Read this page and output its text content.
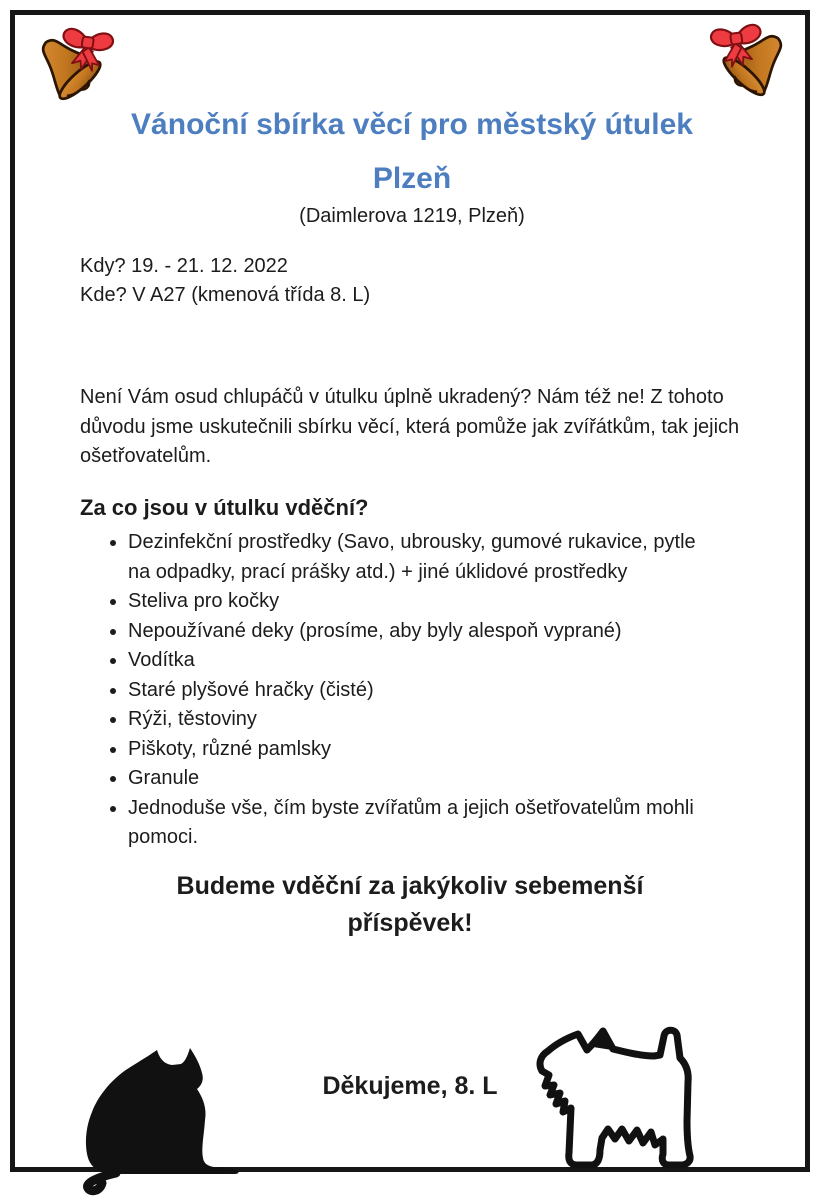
Vánoční sbírka věcí pro městský útulek
Plzeň
(Daimlerova 1219, Plzeň)
Kdy? 19. - 21. 12. 2022
Kde? V A27 (kmenová třída 8. L)

Není Vám osud chlupáčů v útulku úplně ukradený? Nám též ne! Z tohoto důvodu jsme uskutečnili sbírku věcí, která pomůže jak zvířátkům, tak jejich ošetřovatelům.

Za co jsou v útulku vděční?
• Dezinfekční prostředky (Savo, ubrousky, gumové rukavice, pytle na odpadky, prací prášky atd.) + jiné úklidové prostředky
• Steliva pro kočky
• Nepoužívané deky (prosíme, aby byly alespoň vyprané)
• Vodítka
• Staré plyšové hračky (čisté)
• Rýži, těstoviny
• Piškoty, různé pamlsky
• Granule
• Jednoduše vše, čím byste zvířatům a jejich ošetřovatelům mohli pomoci.
Budeme vděční za jakýkoliv sebemenší příspěvek!
Děkujeme, 8. L
